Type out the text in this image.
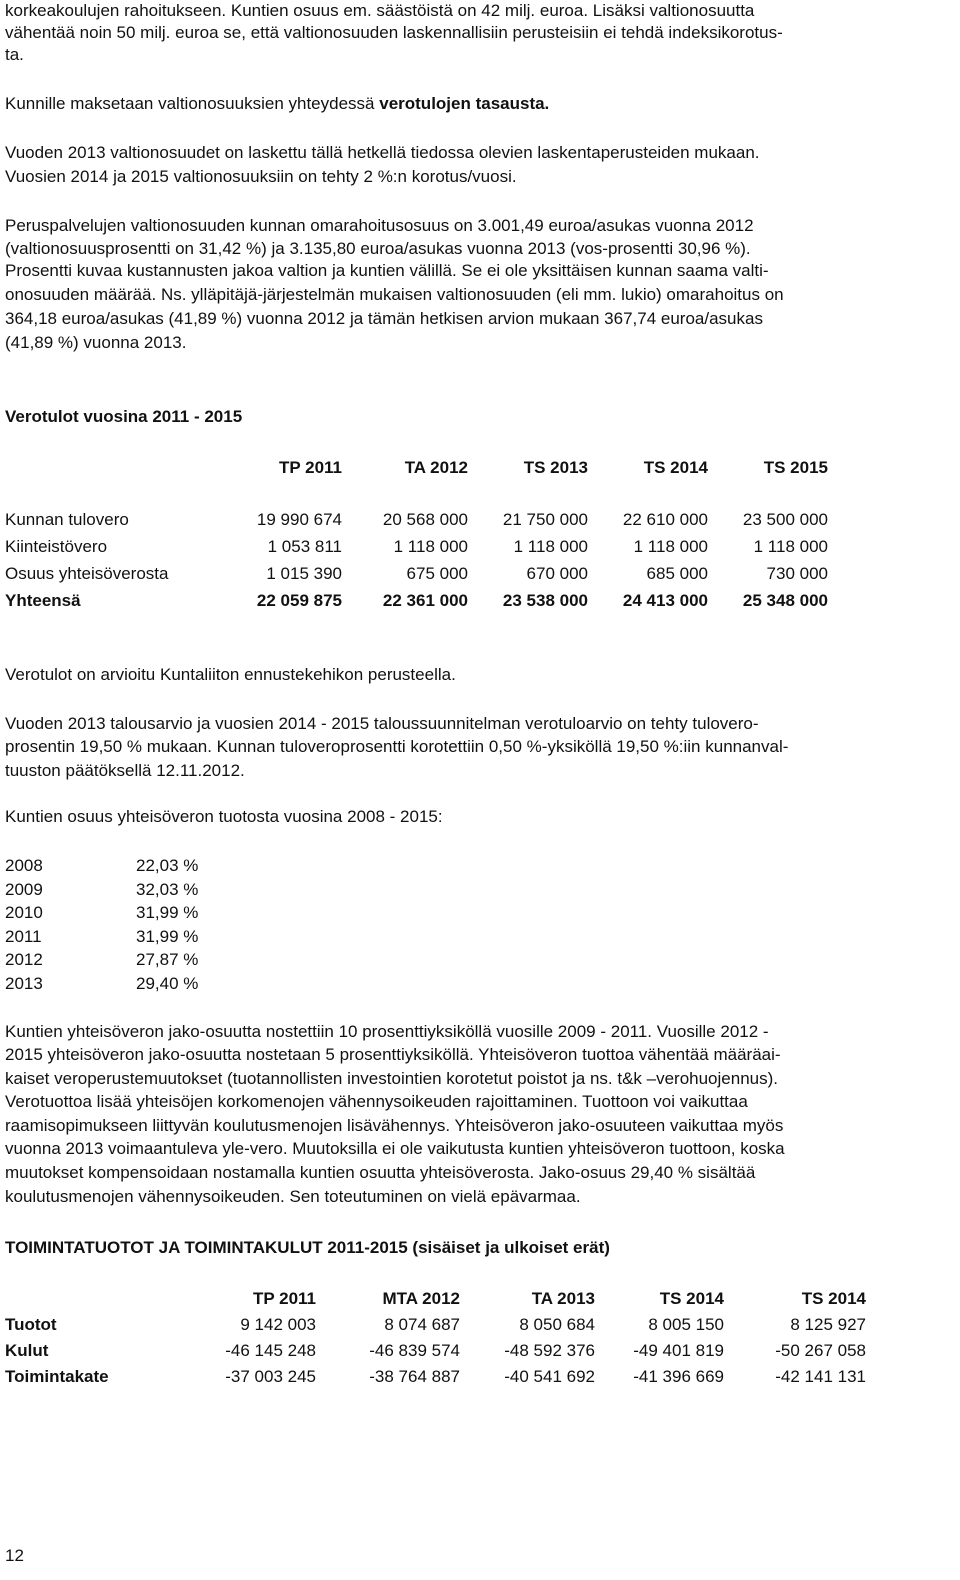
korkeakoulujen rahoitukseen. Kuntien osuus em. säästöistä on 42 milj. euroa. Lisäksi valtionosuutta
vähentää noin 50 milj. euroa se, että valtionosuuden laskennallisiin perusteisiin ei tehdä indeksikorotus-
ta.
Kunnille maksetaan valtionosuuksien yhteydessä verotulojen tasausta.
Vuoden 2013 valtionosuudet on laskettu tällä hetkellä tiedossa olevien laskentaperusteiden mukaan.
Vuosien 2014 ja 2015 valtionosuuksiin on tehty 2 %:n korotus/vuosi.
Peruspalvelujen valtionosuuden kunnan omarahoitusosuus on 3.001,49 euroa/asukas vuonna 2012
(valtionosuusprosentti on 31,42 %) ja 3.135,80 euroa/asukas vuonna 2013 (vos-prosentti 30,96 %).
Prosentti kuvaa kustannusten jakoa valtion ja kuntien välillä. Se ei ole yksittäisen kunnan saama valti-
onosuuden määrää. Ns. ylläpitäjä-järjestelmän mukaisen valtionosuuden (eli mm. lukio) omarahoitus on
364,18 euroa/asukas (41,89 %) vuonna 2012 ja tämän hetkisen arvion mukaan 367,74 euroa/asukas
(41,89 %) vuonna 2013.
Verotulot vuosina 2011 - 2015
TP 2011	TA 2012	TS 2013	TS 2014	TS 2015
Kunnan tulovero	19 990 674	20 568 000	21 750 000	22 610 000	23 500 000
Kiinteistövero	1 053 811	1 118 000	1 118 000	1 118 000	1 118 000
Osuus yhteisöverosta	1 015 390	675 000	670 000	685 000	730 000
Yhteensä	22 059 875	22 361 000	23 538 000	24 413 000	25 348 000
Verotulot on arvioitu Kuntaliiton ennustekehikon perusteella.
Vuoden 2013 talousarvio ja vuosien 2014 - 2015 taloussuunnitelman verotuloarvio on tehty tulovero-
prosentin 19,50 % mukaan. Kunnan tuloveroprosentti korotettiin 0,50 %-yksiköllä 19,50 %:iin kunnanval-
tuuston päätöksellä 12.11.2012.
Kuntien osuus yhteisöveron tuotosta vuosina 2008 - 2015:
2008	22,03 %
2009	32,03 %
2010	31,99 %
2011	31,99 %
2012	27,87 %
2013	29,40 %
Kuntien yhteisöveron jako-osuutta nostettiin 10 prosenttiyksiköllä vuosille 2009 - 2011. Vuosille 2012 -
2015 yhteisöveron jako-osuutta nostetaan 5 prosenttiyksiköllä. Yhteisöveron tuottoa vähentää määräai-
kaiset veroperustemuutokset (tuotannollisten investointien korotetut poistot ja ns. t&k –verohuojennus).
Verotuottoa lisää yhteisöjen korkomenojen vähennysoikeuden rajoittaminen. Tuottoon voi vaikuttaa
raamisopimukseen liittyvän koulutusmenojen lisävähennys. Yhteisöveron jako-osuuteen vaikuttaa myös
vuonna 2013 voimaantuleva yle-vero. Muutoksilla ei ole vaikutusta kuntien yhteisöveron tuottoon, koska
muutokset kompensoidaan nostamalla kuntien osuutta yhteisöverosta. Jako-osuus 29,40 % sisältää
koulutusmenojen vähennysoikeuden. Sen toteutuminen on vielä epävarmaa.
TOIMINTATUOTOT JA TOIMINTAKULUT 2011-2015 (sisäiset ja ulkoiset erät)
TP 2011	MTA 2012	TA 2013	TS 2014	TS 2014
Tuotot	9 142 003	8 074 687	8 050 684	8 005 150	8 125 927
Kulut	-46 145 248	-46 839 574	-48 592 376	-49 401 819	-50 267 058
Toimintakate	-37 003 245	-38 764 887	-40 541 692	-41 396 669	-42 141 131
12
